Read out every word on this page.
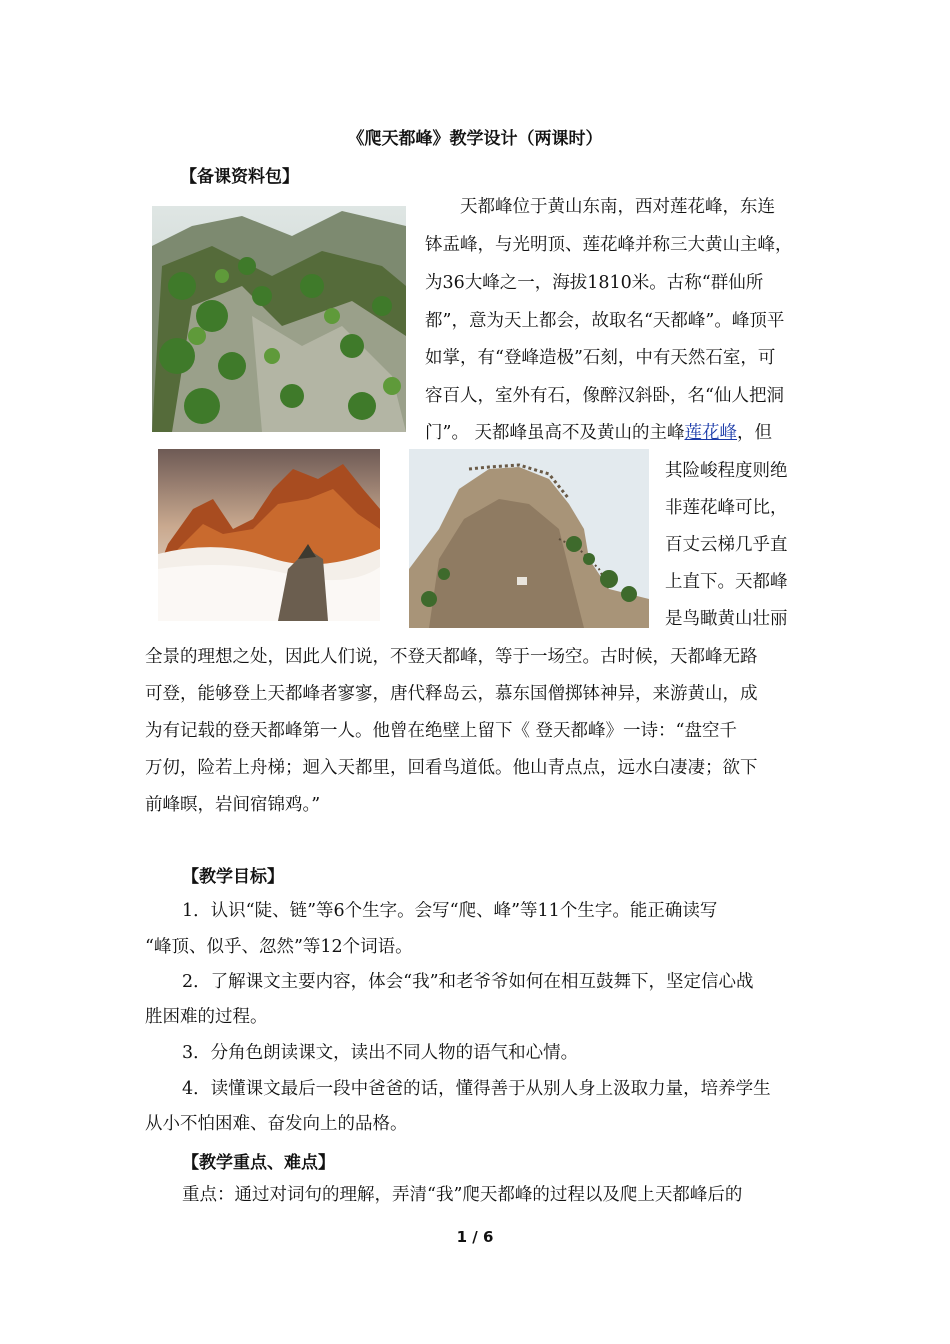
《爬天都峰》教学设计（两课时）
【备课资料包】
天都峰位于黄山东南，西对莲花峰，东连
钵盂峰，与光明顶、莲花峰并称三大黄山主峰，
为36大峰之一，海拔1810米。古称“群仙所
都”，意为天上都会，故取名“天都峰”。峰顶平
如掌，有“登峰造极”石刻，中有天然石室，可
容百人，室外有石，像醉汉斜卧，名“仙人把洞
门”。 天都峰虽高不及黄山的主峰莲花峰，但
其险峻程度则绝
非莲花峰可比，
百丈云梯几乎直
上直下。天都峰
是鸟瞰黄山壮丽
全景的理想之处，因此人们说，不登天都峰，等于一场空。古时候，天都峰无路
可登，能够登上天都峰者寥寥，唐代释岛云，慕东国僧掷钵神异，来游黄山，成
为有记载的登天都峰第一人。他曾在绝壁上留下《 登天都峰》一诗：“盘空千
万仞，险若上舟梯；迴入天都里，回看鸟道低。他山青点点，远水白凄凄；欲下
前峰暝，岩间宿锦鸡。”
【教学目标】
1．认识“陡、链”等6个生字。会写“爬、峰”等11个生字。能正确读写
“峰顶、似乎、忽然”等12个词语。
2．了解课文主要内容，体会“我”和老爷爷如何在相互鼓舞下，坚定信心战
胜困难的过程。
3．分角色朗读课文，读出不同人物的语气和心情。
4．读懂课文最后一段中爸爸的话，懂得善于从别人身上汲取力量，培养学生
从小不怕困难、奋发向上的品格。
【教学重点、难点】
重点：通过对词句的理解，弄清“我”爬天都峰的过程以及爬上天都峰后的
1 / 6
